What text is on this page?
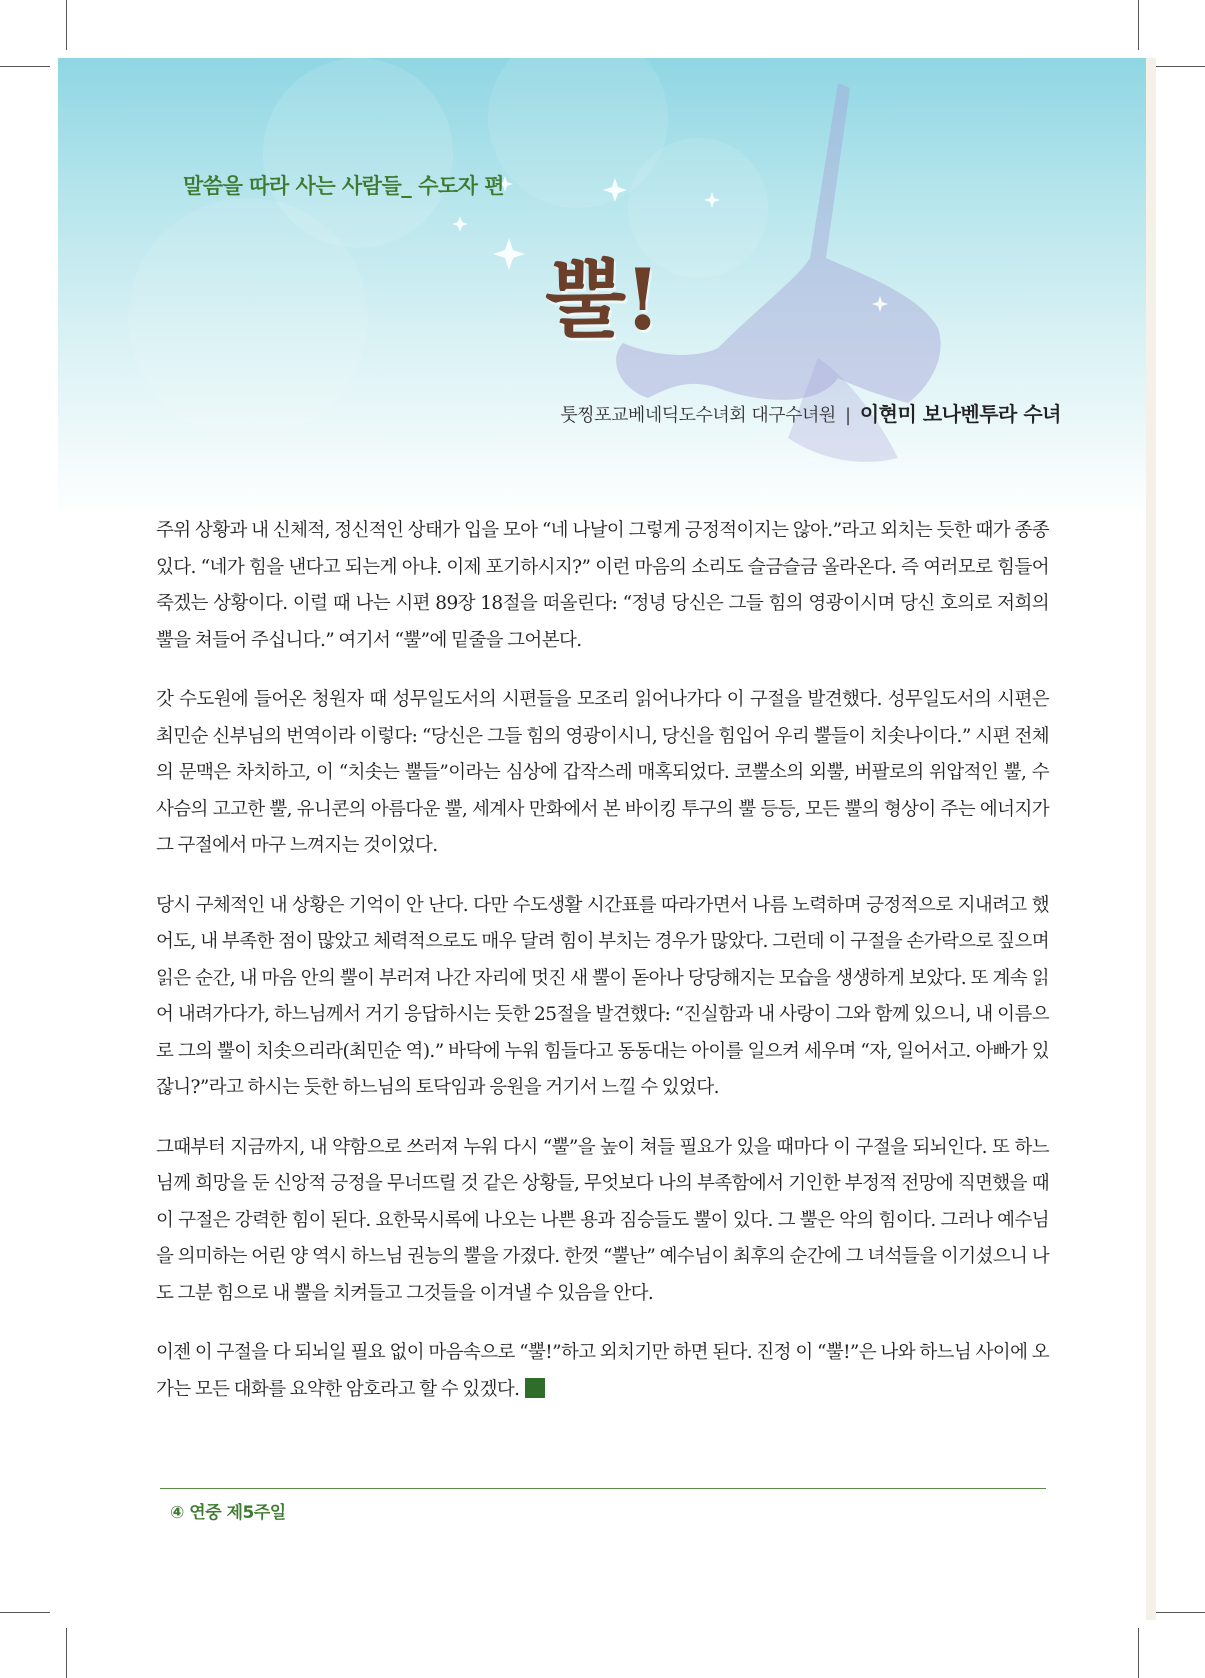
말씀을 따라 사는 사람들_ 수도자 편
뿔!
툿찡포교베네딕도수녀회 대구수녀원 | 이현미 보나벤투라 수녀

주위 상황과 내 신체적, 정신적인 상태가 입을 모아 “네 나날이 그렇게 긍정적이지는 않아.”라고 외치는 듯한 때가 종종 있다. “네가 힘을 낸다고 되는게 아냐. 이제 포기하시지?” 이런 마음의 소리도 슬금슬금 올라온다. 즉 여러모로 힘들어 죽겠는 상황이다. 이럴 때 나는 시편 89장 18절을 떠올린다: “정녕 당신은 그들 힘의 영광이시며 당신 호의로 저희의 뿔을 쳐들어 주십니다.” 여기서 “뿔”에 밑줄을 그어본다.

갓 수도원에 들어온 청원자 때 성무일도서의 시편들을 모조리 읽어나가다 이 구절을 발견했다. 성무일도서의 시편은 최민순 신부님의 번역이라 이렇다: “당신은 그들 힘의 영광이시니, 당신을 힘입어 우리 뿔들이 치솟나이다.” 시편 전체의 문맥은 차치하고, 이 “치솟는 뿔들”이라는 심상에 갑작스레 매혹되었다. 코뿔소의 외뿔, 버팔로의 위압적인 뿔, 수사슴의 고고한 뿔, 유니콘의 아름다운 뿔, 세계사 만화에서 본 바이킹 투구의 뿔 등등, 모든 뿔의 형상이 주는 에너지가 그 구절에서 마구 느껴지는 것이었다.

당시 구체적인 내 상황은 기억이 안 난다. 다만 수도생활 시간표를 따라가면서 나름 노력하며 긍정적으로 지내려고 했어도, 내 부족한 점이 많았고 체력적으로도 매우 달려 힘이 부치는 경우가 많았다. 그런데 이 구절을 손가락으로 짚으며 읽은 순간, 내 마음 안의 뿔이 부러져 나간 자리에 멋진 새 뿔이 돋아나 당당해지는 모습을 생생하게 보았다. 또 계속 읽어 내려가다가, 하느님께서 거기 응답하시는 듯한 25절을 발견했다: “진실함과 내 사랑이 그와 함께 있으니, 내 이름으로 그의 뿔이 치솟으리라(최민순 역).” 바닥에 누워 힘들다고 동동대는 아이를 일으켜 세우며 “자, 일어서고. 아빠가 있잖니?”라고 하시는 듯한 하느님의 토닥임과 응원을 거기서 느낄 수 있었다.

그때부터 지금까지, 내 약함으로 쓰러져 누워 다시 “뿔”을 높이 쳐들 필요가 있을 때마다 이 구절을 되뇌인다. 또 하느님께 희망을 둔 신앙적 긍정을 무너뜨릴 것 같은 상황들, 무엇보다 나의 부족함에서 기인한 부정적 전망에 직면했을 때 이 구절은 강력한 힘이 된다. 요한묵시록에 나오는 나쁜 용과 짐승들도 뿔이 있다. 그 뿔은 악의 힘이다. 그러나 예수님을 의미하는 어린 양 역시 하느님 권능의 뿔을 가졌다. 한껏 “뿔난” 예수님이 최후의 순간에 그 녀석들을 이기셨으니 나도 그분 힘으로 내 뿔을 치켜들고 그것들을 이겨낼 수 있음을 안다.

이젠 이 구절을 다 되뇌일 필요 없이 마음속으로 “뿔!”하고 외치기만 하면 된다. 진정 이 “뿔!”은 나와 하느님 사이에 오가는 모든 대화를 요약한 암호라고 할 수 있겠다.

④ 연중 제5주일
